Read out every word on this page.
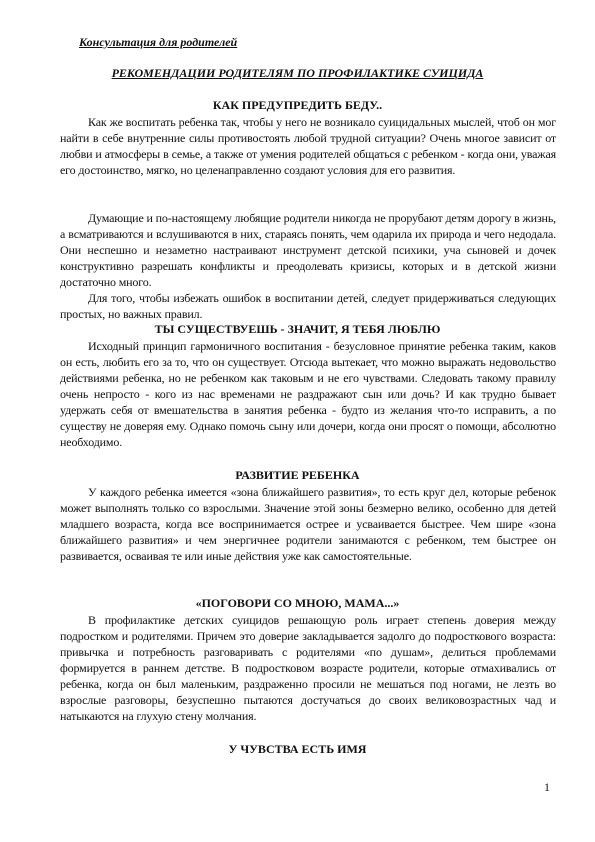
Консультация для родителей
РЕКОМЕНДАЦИИ РОДИТЕЛЯМ ПО ПРОФИЛАКТИКЕ СУИЦИДА
КАК ПРЕДУПРЕДИТЬ БЕДУ..

Как же воспитать ребенка так, чтобы у него не возникало суицидальных мыслей, чтоб он мог найти в себе внутренние силы противостоять любой трудной ситуации? Очень многое зависит от любви и атмосферы в семье, а также от умения родителей общаться с ребенком - когда они, уважая его достоинство, мягко, но целенаправленно создают условия для его развития.

Думающие и по-настоящему любящие родители никогда не прорубают детям дорогу в жизнь, а всматриваются и вслушиваются в них, стараясь понять, чем одарила их природа и чего недодала. Они неспешно и незаметно настраивают инструмент детской психики, уча сыновей и дочек конструктивно разрешать конфликты и преодолевать кризисы, которых и в детской жизни достаточно много.

Для того, чтобы избежать ошибок в воспитании детей, следует придерживаться следующих простых, но важных правил.

ТЫ СУЩЕСТВУЕШЬ - ЗНАЧИТ, Я ТЕБЯ ЛЮБЛЮ

Исходный принцип гармоничного воспитания - безусловное принятие ребенка таким, каков он есть, любить его за то, что он существует. Отсюда вытекает, что можно выражать недовольство действиями ребенка, но не ребенком как таковым и не его чувствами. Следовать такому правилу очень непросто - кого из нас временами не раздражают сын или дочь? И как трудно бывает удержать себя от вмешательства в занятия ребенка - будто из желания что-то исправить, а по существу не доверяя ему. Однако помочь сыну или дочери, когда они просят о помощи, абсолютно необходимо.

РАЗВИТИЕ РЕБЕНКА

У каждого ребенка имеется «зона ближайшего развития», то есть круг дел, которые ребенок может выполнять только со взрослыми. Значение этой зоны безмерно велико, особенно для детей младшего возраста, когда все воспринимается острее и усваивается быстрее. Чем шире «зона ближайшего развития» и чем энергичнее родители занимаются с ребенком, тем быстрее он развивается, осваивая те или иные действия уже как самостоятельные.

«ПОГОВОРИ СО МНОЮ, МАМА...»

В профилактике детских суицидов решающую роль играет степень доверия между подростком и родителями. Причем это доверие закладывается задолго до подросткового возраста: привычка и потребность разговаривать с родителями «по душам», делиться проблемами формируется в раннем детстве. В подростковом возрасте родители, которые отмахивались от ребенка, когда он был маленьким, раздраженно просили не мешаться под ногами, не лезть во взрослые разговоры, безуспешно пытаются достучаться до своих великовозрастных чад и натыкаются на глухую стену молчания.

У ЧУВСТВА ЕСТЬ ИМЯ
1
